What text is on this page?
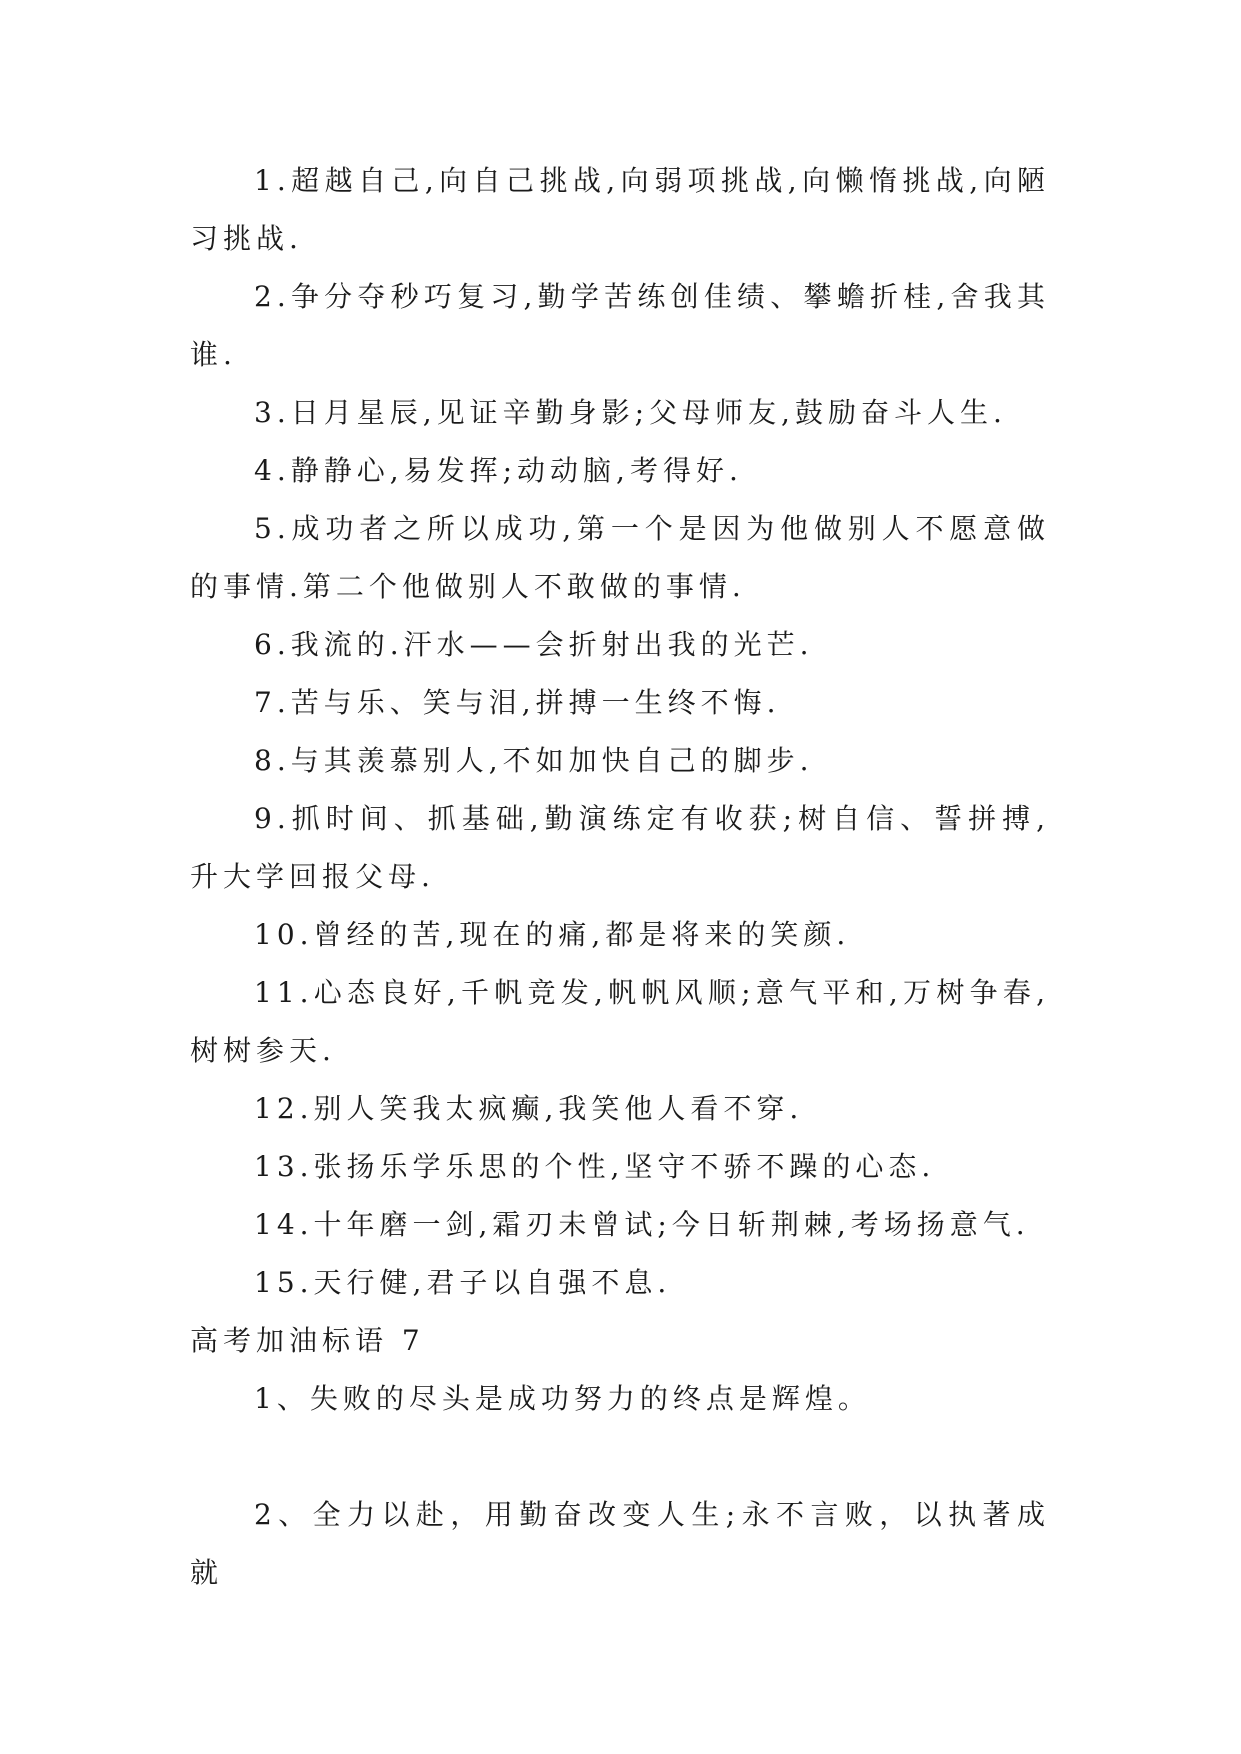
1.超越自己,向自己挑战,向弱项挑战,向懒惰挑战,向陋习挑战.

2.争分夺秒巧复习,勤学苦练创佳绩、攀蟾折桂,舍我其谁.

3.日月星辰,见证辛勤身影;父母师友,鼓励奋斗人生.

4.静静心,易发挥;动动脑,考得好.

5.成功者之所以成功,第一个是因为他做别人不愿意做的事情.第二个他做别人不敢做的事情.

6.我流的.汗水——会折射出我的光芒.

7.苦与乐、笑与泪,拼搏一生终不悔.

8.与其羡慕别人,不如加快自己的脚步.

9.抓时间、抓基础,勤演练定有收获;树自信、誓拼搏,升大学回报父母.

10.曾经的苦,现在的痛,都是将来的笑颜.

11.心态良好,千帆竞发,帆帆风顺;意气平和,万树争春,树树参天.

12.别人笑我太疯癫,我笑他人看不穿.

13.张扬乐学乐思的个性,坚守不骄不躁的心态.

14.十年磨一剑,霜刃未曾试;今日斩荆棘,考场扬意气.

15.天行健,君子以自强不息.

高考加油标语 7

1、失败的尽头是成功努力的终点是辉煌。

2、全力以赴，用勤奋改变人生;永不言败，以执著成就
